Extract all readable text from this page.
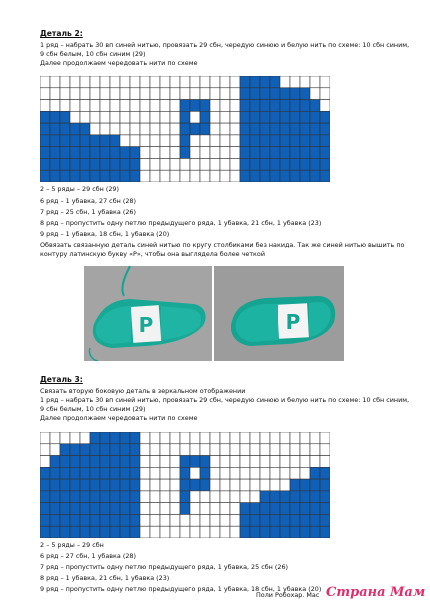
Деталь 2:
1 ряд – набрать 30 вп синей нитью, провязать 29 сбн, чередую синюю и белую нить по схеме: 10 сбн синим,
9 сбн белым, 10 сбн синим (29)
Далее продолжаем чередовать нити по схеме
2 – 5 ряды – 29 сбн (29)
6 ряд – 1 убавка, 27 сбн (28)
7 ряд – 25 сбн, 1 убавка (26)
8 ряд – пропустить одну петлю предыдущего ряда, 1 убавка, 21 сбн, 1 убавка (23)
9 ряд – 1 убавка, 18 сбн, 1 убавка (20)
Обвязать связанную деталь синей нитью по кругу столбиками без накида. Так же синей нитью вышить по
контуру латинскую букву «Р», чтобы она выглядела более четкой
P	P
Деталь 3:
Связать вторую боковую деталь в зеркальном отображении
1 ряд – набрать 30 вп синей нитью, провязать 29 сбн, чередую синюю и белую нить по схеме: 10 сбн синим,
9 сбн белым, 10 сбн синим (29)
Далее продолжаем чередовать нити по схеме
2 – 5 ряды – 29 сбн
6 ряд – 27 сбн, 1 убавка (28)
7 ряд – пропустить одну петлю предыдущего ряда, 1 убавка, 25 сбн (26)
8 ряд – 1 убавка, 21 сбн, 1 убавка (23)
9 ряд – пропустить одну петлю предыдущего ряда, 1 убавка, 18 сбн, 1 убавка (20)
Поли Робохар. Мас Страна Мам
